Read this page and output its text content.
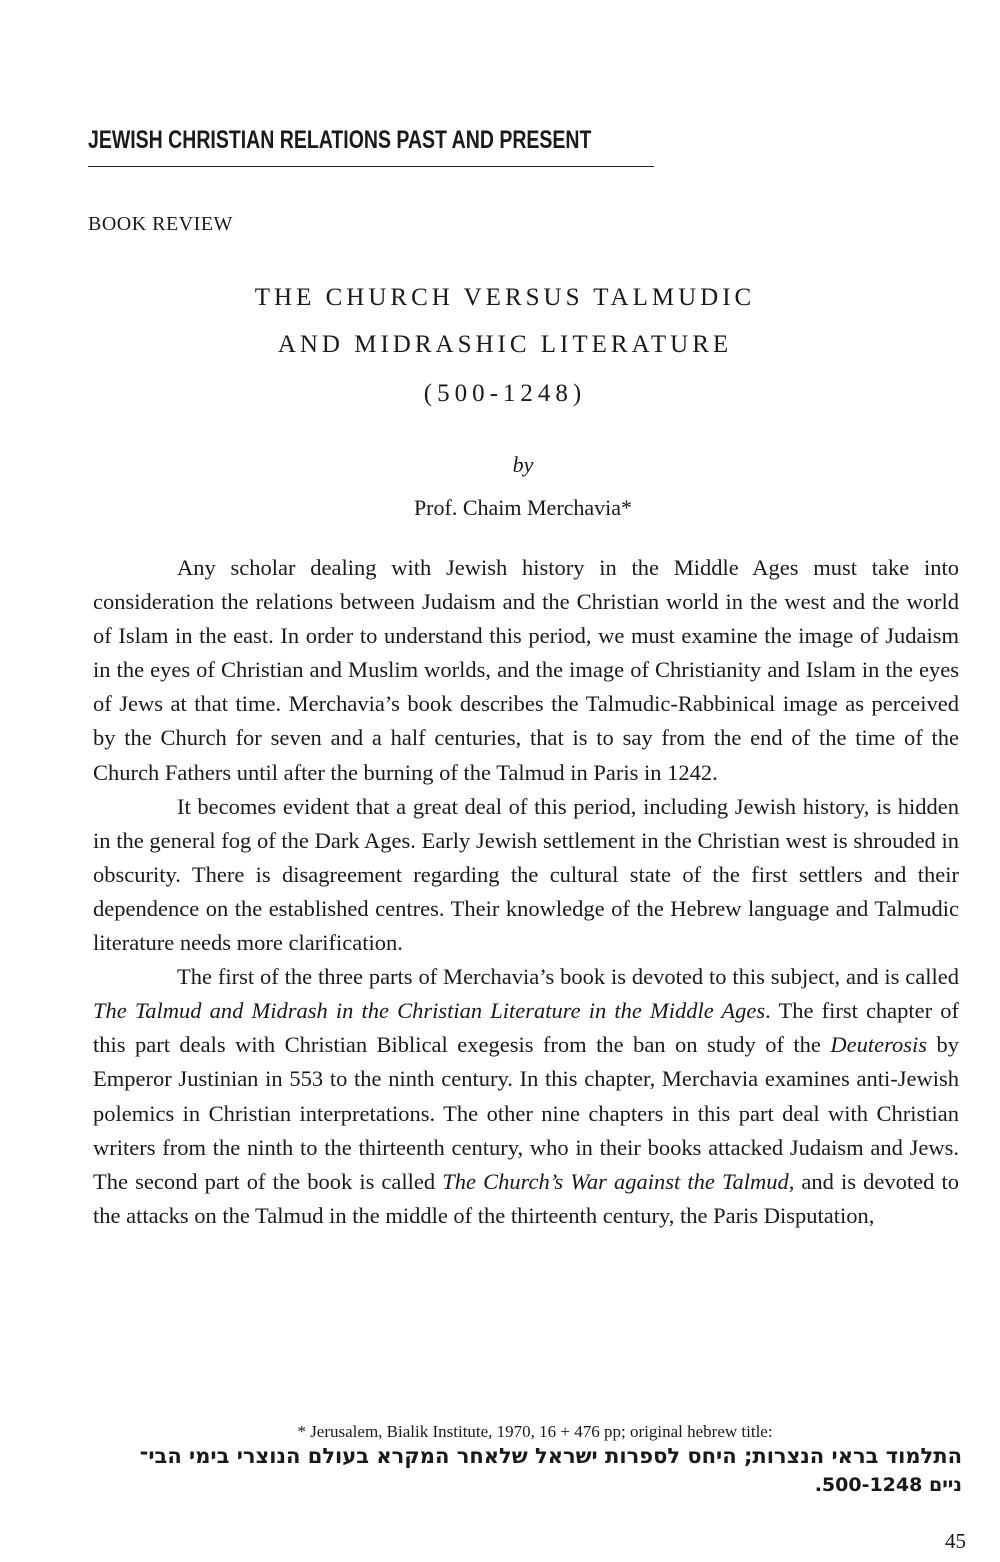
JEWISH CHRISTIAN RELATIONS PAST AND PRESENT
BOOK REVIEW
THE CHURCH VERSUS TALMUDIC
AND MIDRASHIC LITERATURE
(500-1248)
by
Prof. Chaim Merchavia*

Any scholar dealing with Jewish history in the Middle Ages must take into consideration the relations between Judaism and the Christian world in the west and the world of Islam in the east. In order to understand this period, we must examine the image of Judaism in the eyes of Christian and Muslim worlds, and the image of Christianity and Islam in the eyes of Jews at that time. Merchavia’s book describes the Talmudic-Rabbinical image as perceived by the Church for seven and a half centuries, that is to say from the end of the time of the Church Fathers until after the burning of the Talmud in Paris in 1242.

It becomes evident that a great deal of this period, including Jewish history, is hidden in the general fog of the Dark Ages. Early Jewish settlement in the Christian west is shrouded in obscurity. There is disagreement regarding the cultural state of the first settlers and their dependence on the established centres. Their knowledge of the Hebrew language and Talmudic literature needs more clarification.

The first of the three parts of Merchavia’s book is devoted to this subject, and is called The Talmud and Midrash in the Christian Literature in the Middle Ages. The first chapter of this part deals with Christian Biblical exegesis from the ban on study of the Deuterosis by Emperor Justinian in 553 to the ninth century. In this chapter, Merchavia examines anti-Jewish polemics in Christian interpretations. The other nine chapters in this part deal with Christian writers from the ninth to the thirteenth century, who in their books attacked Judaism and Jews. The second part of the book is called The Church’s War against the Talmud, and is devoted to the attacks on the Talmud in the middle of the thirteenth century, the Paris Disputation,

* Jerusalem, Bialik Institute, 1970, 16 + 476 pp; original hebrew title:
התלמוד בראי הנצרות; היחס לספרות ישראל שלאחר המקרא בעולם הנוצרי בימי הבי־
ניים 500-1248.
45
